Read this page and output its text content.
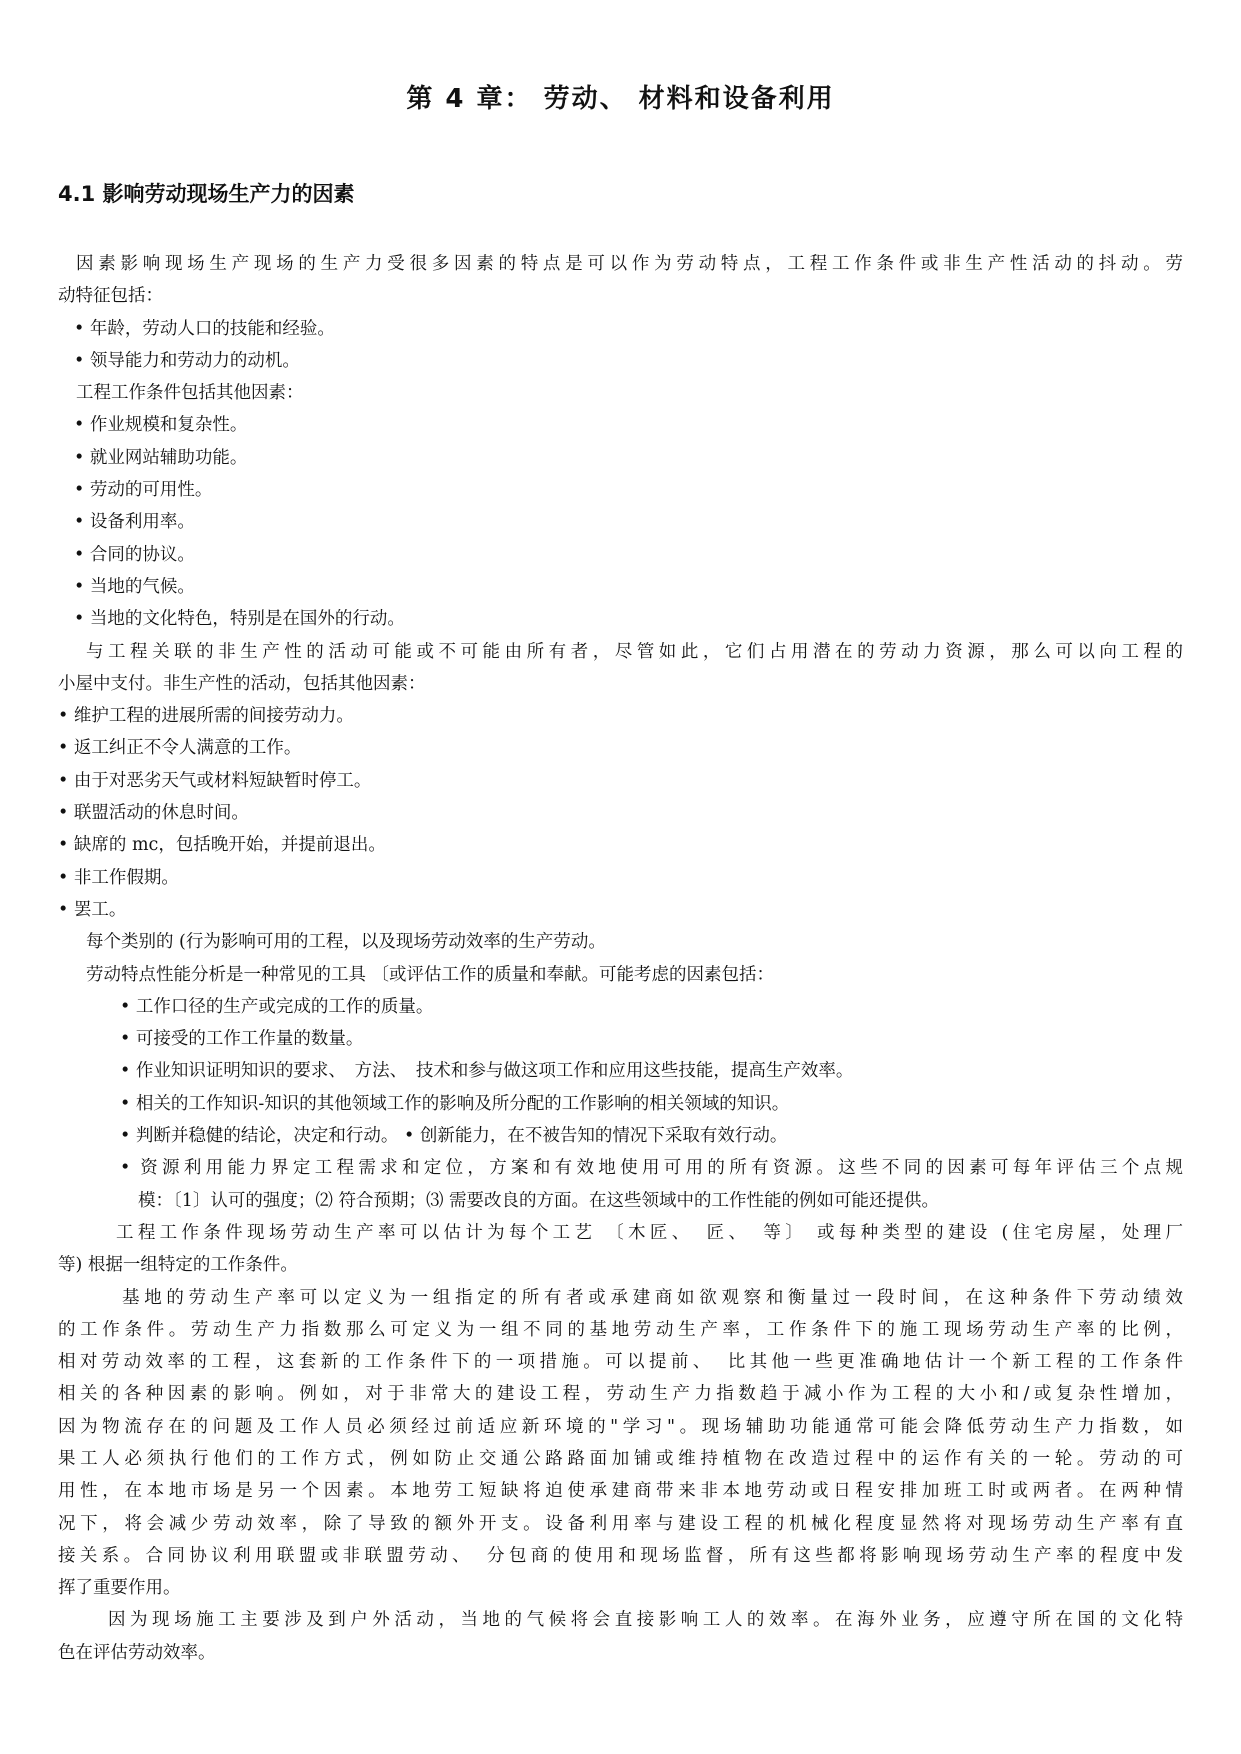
第 4 章： 劳动、 材料和设备利用
4.1 影响劳动现场生产力的因素
因素影响现场生产现场的生产力受很多因素的特点是可以作为劳动特点，工程工作条件或非生产性活动的抖动。劳
动特征包括：
• 年龄，劳动人口的技能和经验。
• 领导能力和劳动力的动机。
工程工作条件包括其他因素：
• 作业规模和复杂性。
• 就业网站辅助功能。
• 劳动的可用性。
• 设备利用率。
• 合同的协议。
• 当地的气候。
• 当地的文化特色，特别是在国外的行动。
与工程关联的非生产性的活动可能或不可能由所有者，尽管如此，它们占用潜在的劳动力资源，那么可以向工程的
小屋中支付。非生产性的活动，包括其他因素：
• 维护工程的进展所需的间接劳动力。
• 返工纠正不令人满意的工作。
• 由于对恶劣天气或材料短缺暂时停工。
• 联盟活动的休息时间。
• 缺席的 mc，包括晚开始，并提前退出。
• 非工作假期。
• 罢工。
每个类别的 (行为影响可用的工程，以及现场劳动效率的生产劳动。
劳动特点性能分析是一种常见的工具 〔或评估工作的质量和奉献。可能考虑的因素包括：
• 工作口径的生产或完成的工作的质量。
• 可接受的工作工作量的数量。
• 作业知识证明知识的要求、　方法、　技术和参与做这项工作和应用这些技能，提高生产效率。
• 相关的工作知识-知识的其他领域工作的影响及所分配的工作影响的相关领域的知识。
• 判断并稳健的结论，决定和行动。 • 创新能力，在不被告知的情况下采取有效行动。
• 资源利用能力界定工程需求和定位，方案和有效地使用可用的所有资源。这些不同的因素可每年评估三个点规
模：〔1〕认可的强度；⑵ 符合预期；⑶ 需要改良的方面。在这些领域中的工作性能的例如可能还提供。
工程工作条件现场劳动生产率可以估计为每个工艺 〔木匠、　匠、　等〕 或每种类型的建设 (住宅房屋，处理厂
等) 根据一组特定的工作条件。
基地的劳动生产率可以定义为一组指定的所有者或承建商如欲观察和衡量过一段时间，在这种条件下劳动绩效
的工作条件。劳动生产力指数那么可定义为一组不同的基地劳动生产率，工作条件下的施工现场劳动生产率的比例，
相对劳动效率的工程，这套新的工作条件下的一项措施。可以提前、　比其他一些更准确地估计一个新工程的工作条件
相关的各种因素的影响。例如，对于非常大的建设工程，劳动生产力指数趋于减小作为工程的大小和/或复杂性增加，
因为物流存在的问题及工作人员必须经过前适应新环境的"学习"。现场辅助功能通常可能会降低劳动生产力指数，如
果工人必须执行他们的工作方式，例如防止交通公路路面加铺或维持植物在改造过程中的运作有关的一轮。劳动的可
用性，在本地市场是另一个因素。本地劳工短缺将迫使承建商带来非本地劳动或日程安排加班工时或两者。在两种情
况下，将会减少劳动效率，除了导致的额外开支。设备利用率与建设工程的机械化程度显然将对现场劳动生产率有直
接关系。合同协议利用联盟或非联盟劳动、　分包商的使用和现场监督，所有这些都将影响现场劳动生产率的程度中发
挥了重要作用。
因为现场施工主要涉及到户外活动，当地的气候将会直接影响工人的效率。在海外业务，应遵守所在国的文化特
色在评估劳动效率。
